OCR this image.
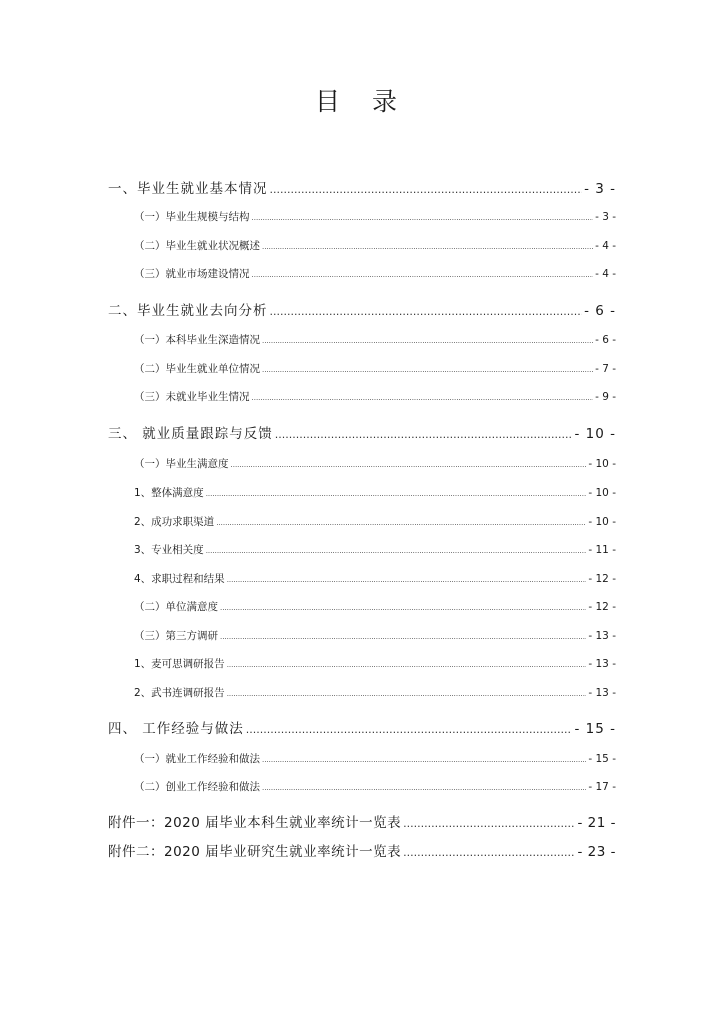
目 录
一、毕业生就业基本情况 .....	- 3 -
（一）毕业生规模与结构 .....	- 3 -
（二）毕业生就业状况概述 .....	- 4 -
（三）就业市场建设情况 .....	- 4 -
二、毕业生就业去向分析 .....	- 6 -
（一）本科毕业生深造情况 .....	- 6 -
（二）毕业生就业单位情况 .....	- 7 -
（三）未就业毕业生情况 .....	- 9 -
三、 就业质量跟踪与反馈 .....	- 10 -
（一）毕业生满意度 .....	- 10 -
1、整体满意度 .....	- 10 -
2、成功求职渠道 .....	- 10 -
3、专业相关度 .....	- 11 -
4、求职过程和结果 .....	- 12 -
（二）单位满意度 .....	- 12 -
（三）第三方调研 .....	- 13 -
1、麦可思调研报告 .....	- 13 -
2、武书连调研报告 .....	- 13 -
四、 工作经验与做法 .....	- 15 -
（一）就业工作经验和做法 .....	- 15 -
（二）创业工作经验和做法 .....	- 17 -
附件一：2020 届毕业本科生就业率统计一览表 .....	- 21 -
附件二：2020 届毕业研究生就业率统计一览表 .....	- 23 -
